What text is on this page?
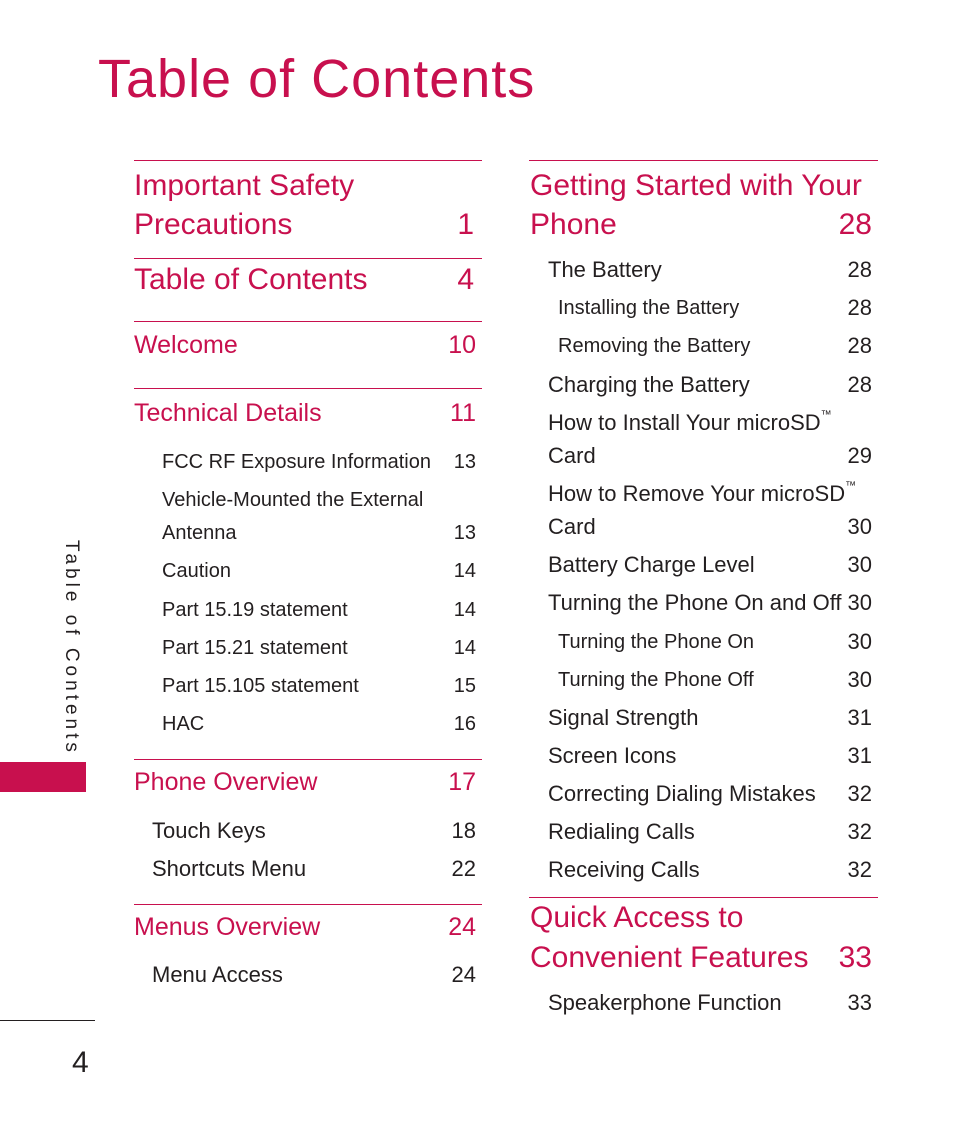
Table of Contents
Important Safety
Precautions	1
Table of Contents	4
Welcome	10
Technical Details	11
FCC RF Exposure Information	13
Vehicle-Mounted the External
Antenna	13
Caution	14
Part 15.19 statement	14
Part 15.21 statement	14
Part 15.105 statement	15
HAC	16
Phone Overview	17
Touch Keys	18
Shortcuts Menu	22
Menus Overview	24
Menu Access	24
Getting Started with Your
Phone	28
The Battery	28
Installing the Battery	28
Removing the Battery	28
Charging the Battery	28
How to Install Your microSD™
Card	29
How to Remove Your microSD™
Card	30
Battery Charge Level	30
Turning the Phone On and Off 30
Turning the Phone On	30
Turning the Phone Off	30
Signal Strength	31
Screen Icons	31
Correcting Dialing Mistakes	32
Redialing Calls	32
Receiving Calls	32
Quick Access to
Convenient Features	33
Speakerphone Function	33
Table of Contents
4
